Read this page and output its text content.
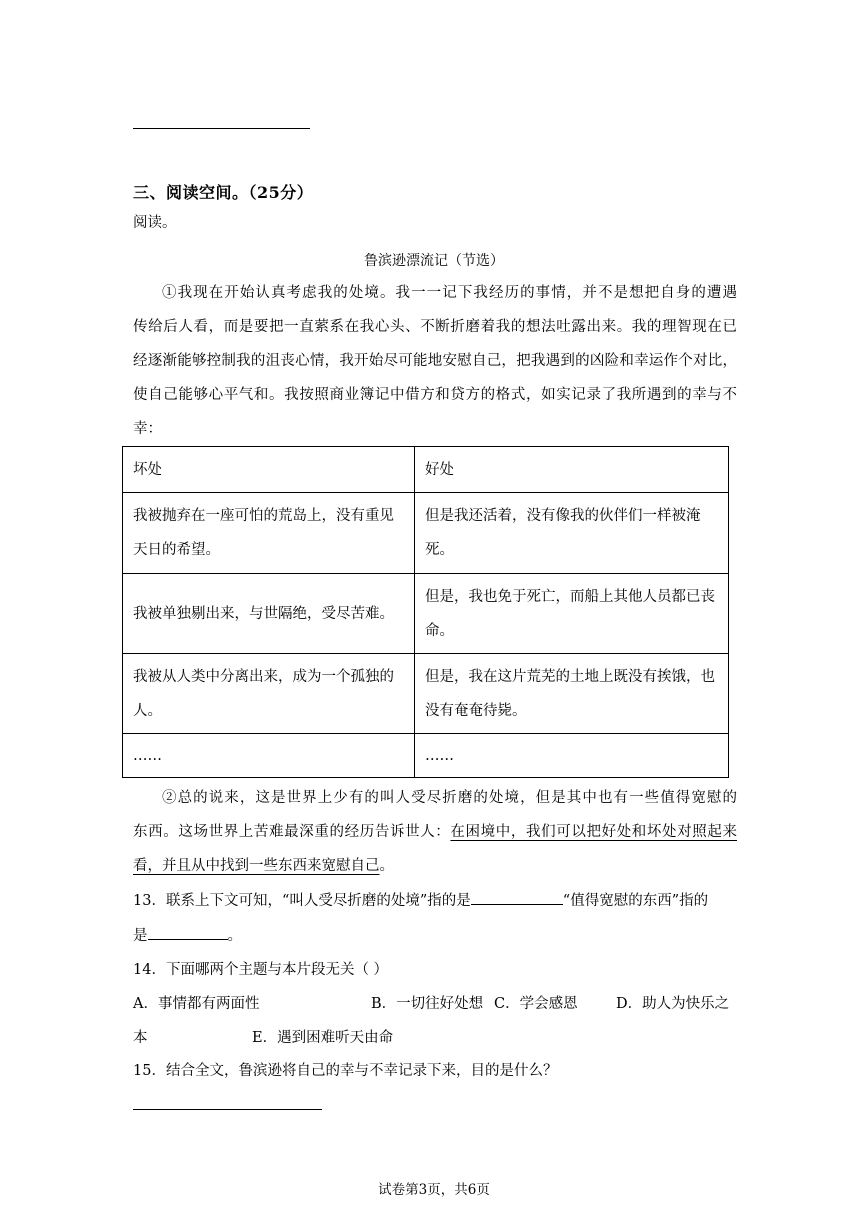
三、阅读空间。（25分）
阅读。
鲁滨逊漂流记（节选）
①我现在开始认真考虑我的处境。我一一记下我经历的事情，并不是想把自身的遭遇
传给后人看，而是要把一直萦系在我心头、不断折磨着我的想法吐露出来。我的理智现在已
经逐渐能够控制我的沮丧心情，我开始尽可能地安慰自己，把我遇到的凶险和幸运作个对比，
使自己能够心平气和。我按照商业簿记中借方和贷方的格式，如实记录了我所遇到的幸与不
幸：
坏处	好处
我被抛弃在一座可怕的荒岛上，没有重见天日的希望。	但是我还活着，没有像我的伙伴们一样被淹死。
我被单独剔出来，与世隔绝，受尽苦难。	但是，我也免于死亡，而船上其他人员都已丧命。
我被从人类中分离出来，成为一个孤独的人。	但是，我在这片荒芜的土地上既没有挨饿，也没有奄奄待毙。
……	……
②总的说来，这是世界上少有的叫人受尽折磨的处境，但是其中也有一些值得宽慰的
东西。这场世界上苦难最深重的经历告诉世人：在困境中，我们可以把好处和坏处对照起来
看，并且从中找到一些东西来宽慰自己。
13．联系上下文可知，“叫人受尽折磨的处境”指的是	“值得宽慰的东西”指的
是	。
14．下面哪两个主题与本片段无关（ ）
A．事情都有两面性	B．一切往好处想 C．学会感恩	D．助人为快乐之
本	E．遇到困难听天由命
15．结合全文，鲁滨逊将自己的幸与不幸记录下来，目的是什么？
试卷第3页，共6页
